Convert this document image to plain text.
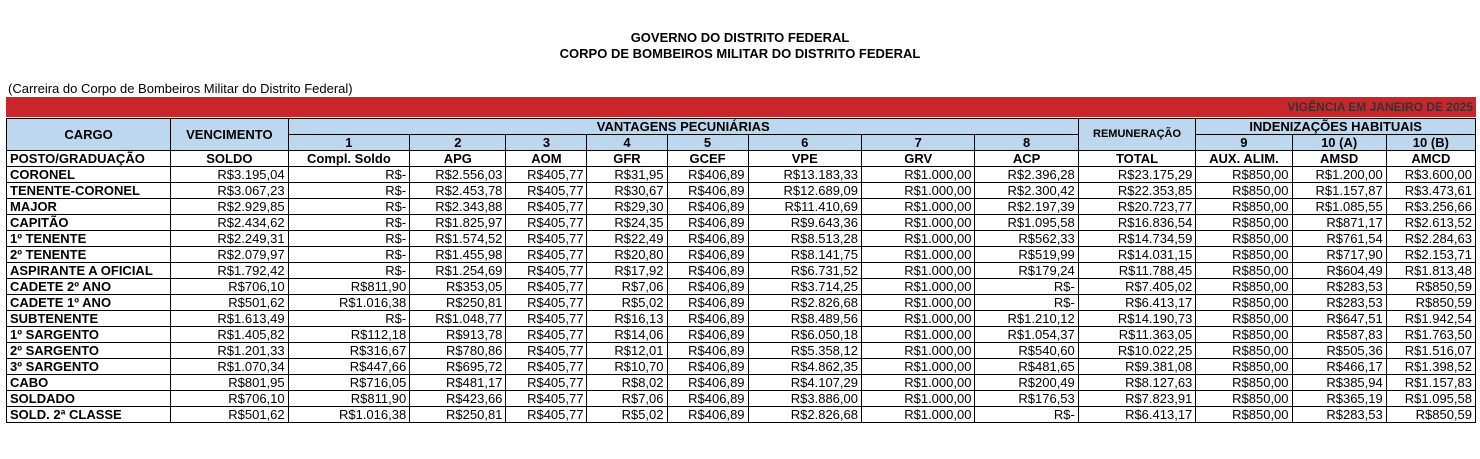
GOVERNO DO DISTRITO FEDERAL
CORPO DE BOMBEIROS MILITAR DO DISTRITO FEDERAL
(Carreira do Corpo de Bombeiros Militar do Distrito Federal)
VIGÊNCIA EM JANEIRO DE 2025
CARGO	VENCIMENTO	VANTAGENS PECUNIÁRIAS								REMUNERAÇÃO	INDENIZAÇÕES HABITUAIS		
		1	2	3	4	5	6	7	8		9	10 (A)	10 (B)
POSTO/GRADUAÇÃO	SOLDO	Compl. Soldo	APG	AOM	GFR	GCEF	VPE	GRV	ACP	TOTAL	AUX. ALIM.	AMSD	AMCD
CORONEL	R$3.195,04	R$-	R$2.556,03	R$405,77	R$31,95	R$406,89	R$13.183,33	R$1.000,00	R$2.396,28	R$23.175,29	R$850,00	R$1.200,00	R$3.600,00
TENENTE-CORONEL	R$3.067,23	R$-	R$2.453,78	R$405,77	R$30,67	R$406,89	R$12.689,09	R$1.000,00	R$2.300,42	R$22.353,85	R$850,00	R$1.157,87	R$3.473,61
MAJOR	R$2.929,85	R$-	R$2.343,88	R$405,77	R$29,30	R$406,89	R$11.410,69	R$1.000,00	R$2.197,39	R$20.723,77	R$850,00	R$1.085,55	R$3.256,66
CAPITÃO	R$2.434,62	R$-	R$1.825,97	R$405,77	R$24,35	R$406,89	R$9.643,36	R$1.000,00	R$1.095,58	R$16.836,54	R$850,00	R$871,17	R$2.613,52
1º TENENTE	R$2.249,31	R$-	R$1.574,52	R$405,77	R$22,49	R$406,89	R$8.513,28	R$1.000,00	R$562,33	R$14.734,59	R$850,00	R$761,54	R$2.284,63
2º TENENTE	R$2.079,97	R$-	R$1.455,98	R$405,77	R$20,80	R$406,89	R$8.141,75	R$1.000,00	R$519,99	R$14.031,15	R$850,00	R$717,90	R$2.153,71
ASPIRANTE A OFICIAL	R$1.792,42	R$-	R$1.254,69	R$405,77	R$17,92	R$406,89	R$6.731,52	R$1.000,00	R$179,24	R$11.788,45	R$850,00	R$604,49	R$1.813,48
CADETE 2º ANO	R$706,10	R$811,90	R$353,05	R$405,77	R$7,06	R$406,89	R$3.714,25	R$1.000,00	R$-	R$7.405,02	R$850,00	R$283,53	R$850,59
CADETE 1º ANO	R$501,62	R$1.016,38	R$250,81	R$405,77	R$5,02	R$406,89	R$2.826,68	R$1.000,00	R$-	R$6.413,17	R$850,00	R$283,53	R$850,59
SUBTENENTE	R$1.613,49	R$-	R$1.048,77	R$405,77	R$16,13	R$406,89	R$8.489,56	R$1.000,00	R$1.210,12	R$14.190,73	R$850,00	R$647,51	R$1.942,54
1º SARGENTO	R$1.405,82	R$112,18	R$913,78	R$405,77	R$14,06	R$406,89	R$6.050,18	R$1.000,00	R$1.054,37	R$11.363,05	R$850,00	R$587,83	R$1.763,50
2º SARGENTO	R$1.201,33	R$316,67	R$780,86	R$405,77	R$12,01	R$406,89	R$5.358,12	R$1.000,00	R$540,60	R$10.022,25	R$850,00	R$505,36	R$1.516,07
3º SARGENTO	R$1.070,34	R$447,66	R$695,72	R$405,77	R$10,70	R$406,89	R$4.862,35	R$1.000,00	R$481,65	R$9.381,08	R$850,00	R$466,17	R$1.398,52
CABO	R$801,95	R$716,05	R$481,17	R$405,77	R$8,02	R$406,89	R$4.107,29	R$1.000,00	R$200,49	R$8.127,63	R$850,00	R$385,94	R$1.157,83
SOLDADO	R$706,10	R$811,90	R$423,66	R$405,77	R$7,06	R$406,89	R$3.886,00	R$1.000,00	R$176,53	R$7.823,91	R$850,00	R$365,19	R$1.095,58
SOLD. 2ª CLASSE	R$501,62	R$1.016,38	R$250,81	R$405,77	R$5,02	R$406,89	R$2.826,68	R$1.000,00	R$-	R$6.413,17	R$850,00	R$283,53	R$850,59
